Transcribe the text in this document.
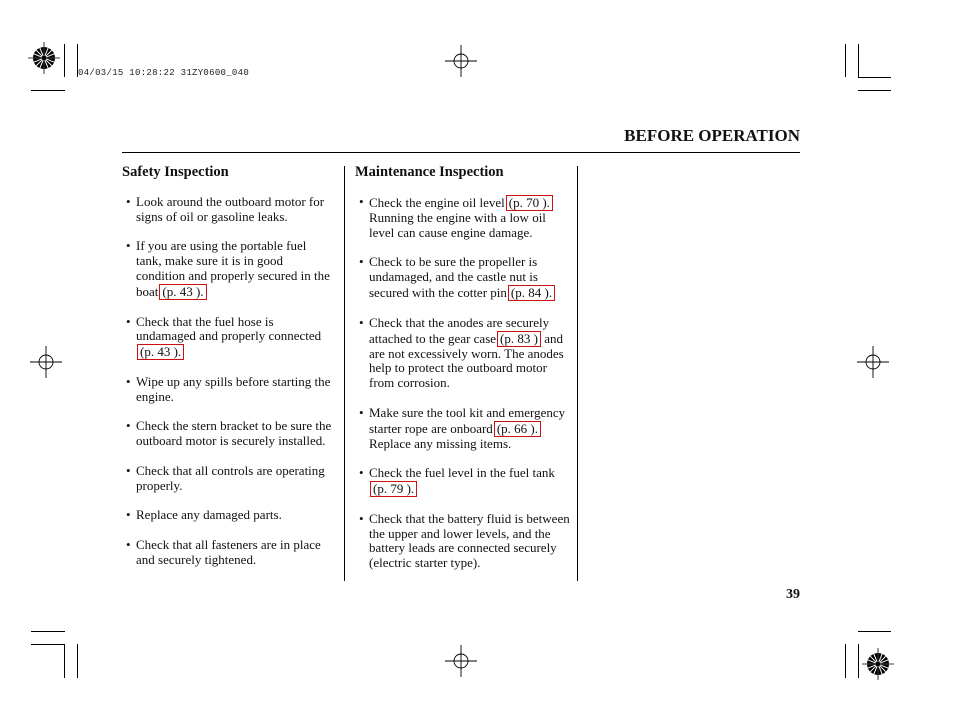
04/03/15 10:28:22 31ZY0600_040
BEFORE OPERATION
Safety Inspection
• Look around the outboard motor for signs of oil or gasoline leaks.
• If you are using the portable fuel tank, make sure it is in good condition and properly secured in the boat (p. 43 ).
• Check that the fuel hose is undamaged and properly connected(p. 43 ).
• Wipe up any spills before starting the engine.
• Check the stern bracket to be sure the outboard motor is securely installed.
• Check that all controls are operating properly.
• Replace any damaged parts.
• Check that all fasteners are in place and securely tightened.
Maintenance Inspection
• Check the engine oil level (p. 70 ). Running the engine with a low oil level can cause engine damage.
• Check to be sure the propeller is undamaged, and the castle nut is secured with the cotter pin (p. 84 ).
• Check that the anodes are securely attached to the gear case (p. 83 ) and are not excessively worn. The anodes help to protect the outboard motor from corrosion.
• Make sure the tool kit and emergency starter rope are onboard (p. 66 ). Replace any missing items.
• Check the fuel level in the fuel tank(p. 79 ).
• Check that the battery fluid is between the upper and lower levels, and the battery leads are connected securely (electric starter type).
39
